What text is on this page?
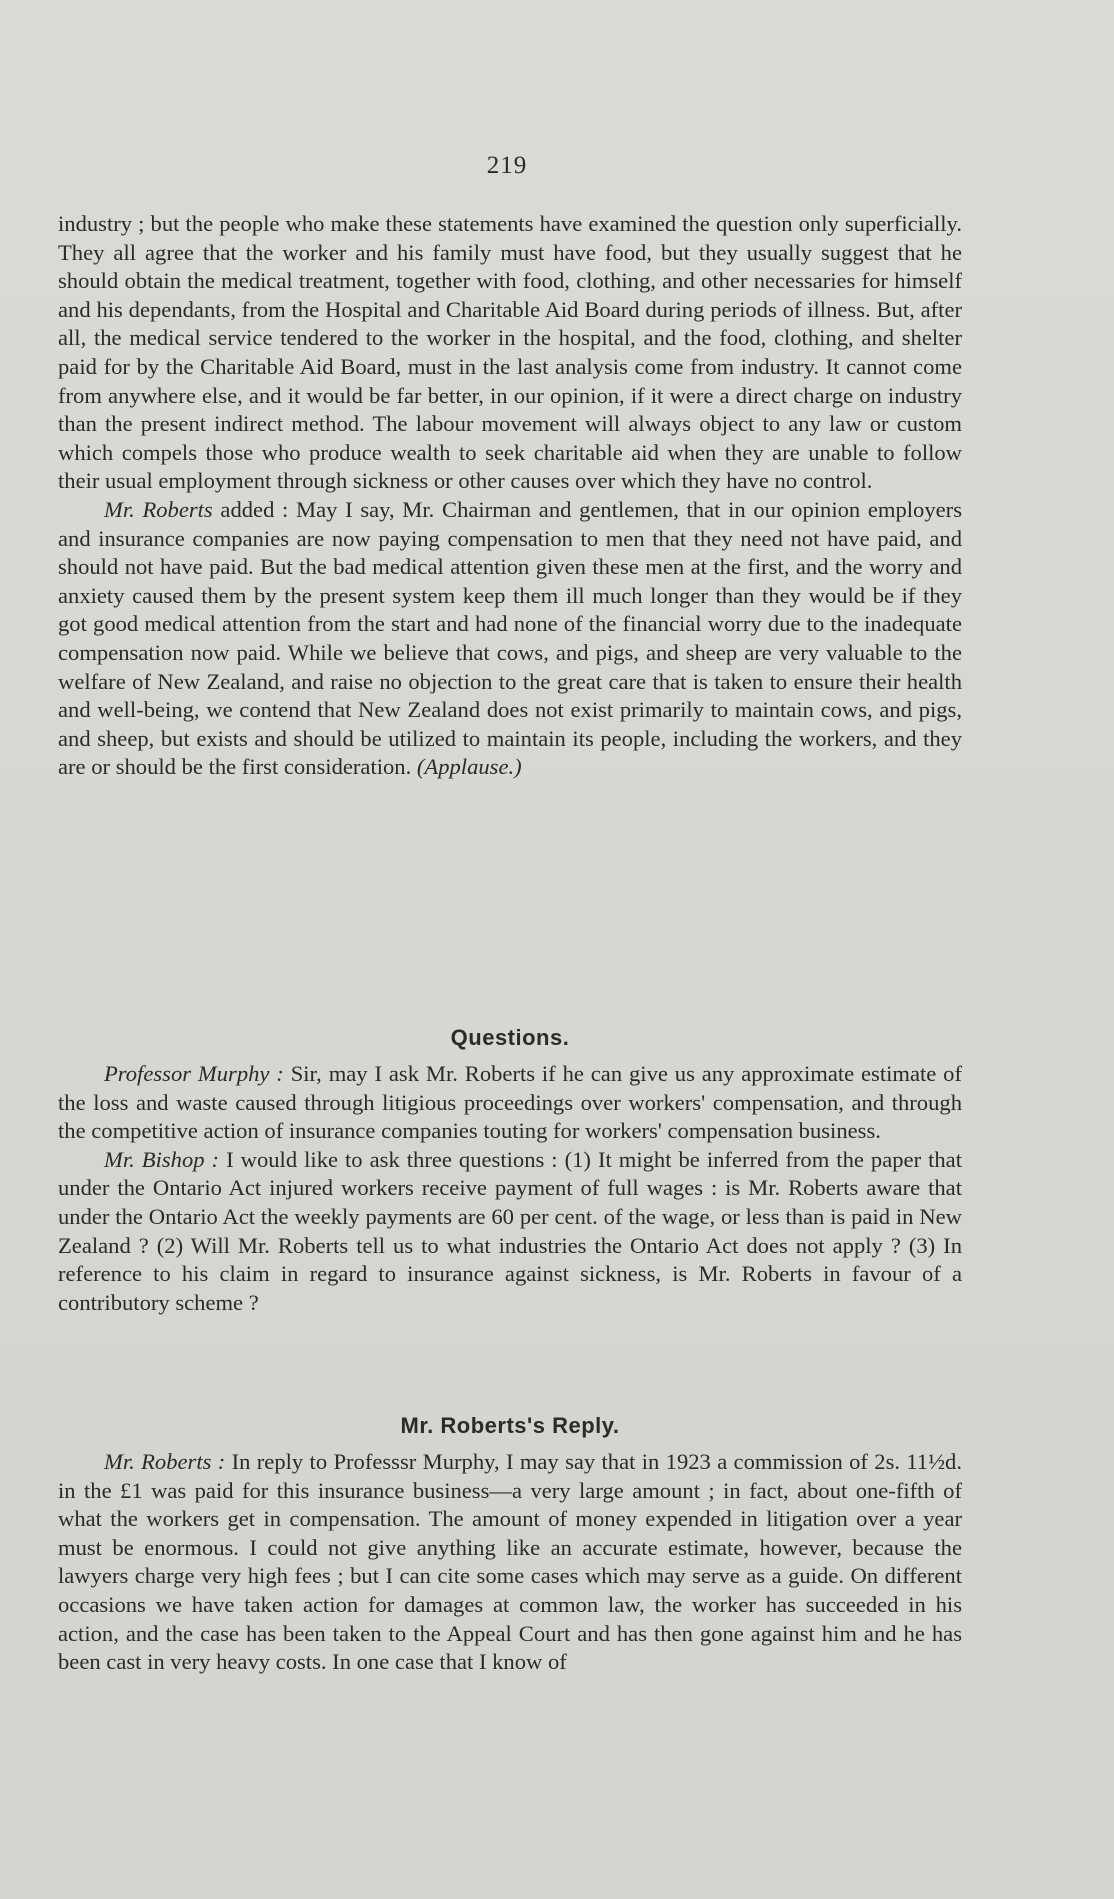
219

industry ; but the people who make these statements have examined the question only superficially. They all agree that the worker and his family must have food, but they usually suggest that he should obtain the medical treatment, together with food, clothing, and other necessaries for himself and his dependants, from the Hospital and Charitable Aid Board during periods of illness. But, after all, the medical service tendered to the worker in the hospital, and the food, clothing, and shelter paid for by the Charitable Aid Board, must in the last analysis come from industry. It cannot come from anywhere else, and it would be far better, in our opinion, if it were a direct charge on industry than the present indirect method. The labour movement will always object to any law or custom which compels those who produce wealth to seek charitable aid when they are unable to follow their usual employment through sickness or other causes over which they have no control.

Mr. Roberts added : May I say, Mr. Chairman and gentlemen, that in our opinion employers and insurance companies are now paying compensation to men that they need not have paid, and should not have paid. But the bad medical attention given these men at the first, and the worry and anxiety caused them by the present system keep them ill much longer than they would be if they got good medical attention from the start and had none of the financial worry due to the inadequate compensation now paid. While we believe that cows, and pigs, and sheep are very valuable to the welfare of New Zealand, and raise no objection to the great care that is taken to ensure their health and well-being, we contend that New Zealand does not exist primarily to maintain cows, and pigs, and sheep, but exists and should be utilized to maintain its people, including the workers, and they are or should be the first consideration. (Applause.)

Questions.

Professor Murphy : Sir, may I ask Mr. Roberts if he can give us any approximate estimate of the loss and waste caused through litigious proceedings over workers' compensation, and through the competitive action of insurance companies touting for workers' compensation business.

Mr. Bishop : I would like to ask three questions : (1) It might be inferred from the paper that under the Ontario Act injured workers receive payment of full wages : is Mr. Roberts aware that under the Ontario Act the weekly payments are 60 per cent. of the wage, or less than is paid in New Zealand ? (2) Will Mr. Roberts tell us to what industries the Ontario Act does not apply ? (3) In reference to his claim in regard to insurance against sickness, is Mr. Roberts in favour of a contributory scheme ?

Mr. Roberts's Reply.

Mr. Roberts : In reply to Professsr Murphy, I may say that in 1923 a commission of 2s. 11½d. in the £1 was paid for this insurance business—a very large amount ; in fact, about one-fifth of what the workers get in compensation. The amount of money expended in litigation over a year must be enormous. I could not give anything like an accurate estimate, however, because the lawyers charge very high fees ; but I can cite some cases which may serve as a guide. On different occasions we have taken action for damages at common law, the worker has succeeded in his action, and the case has been taken to the Appeal Court and has then gone against him and he has been cast in very heavy costs. In one case that I know of
